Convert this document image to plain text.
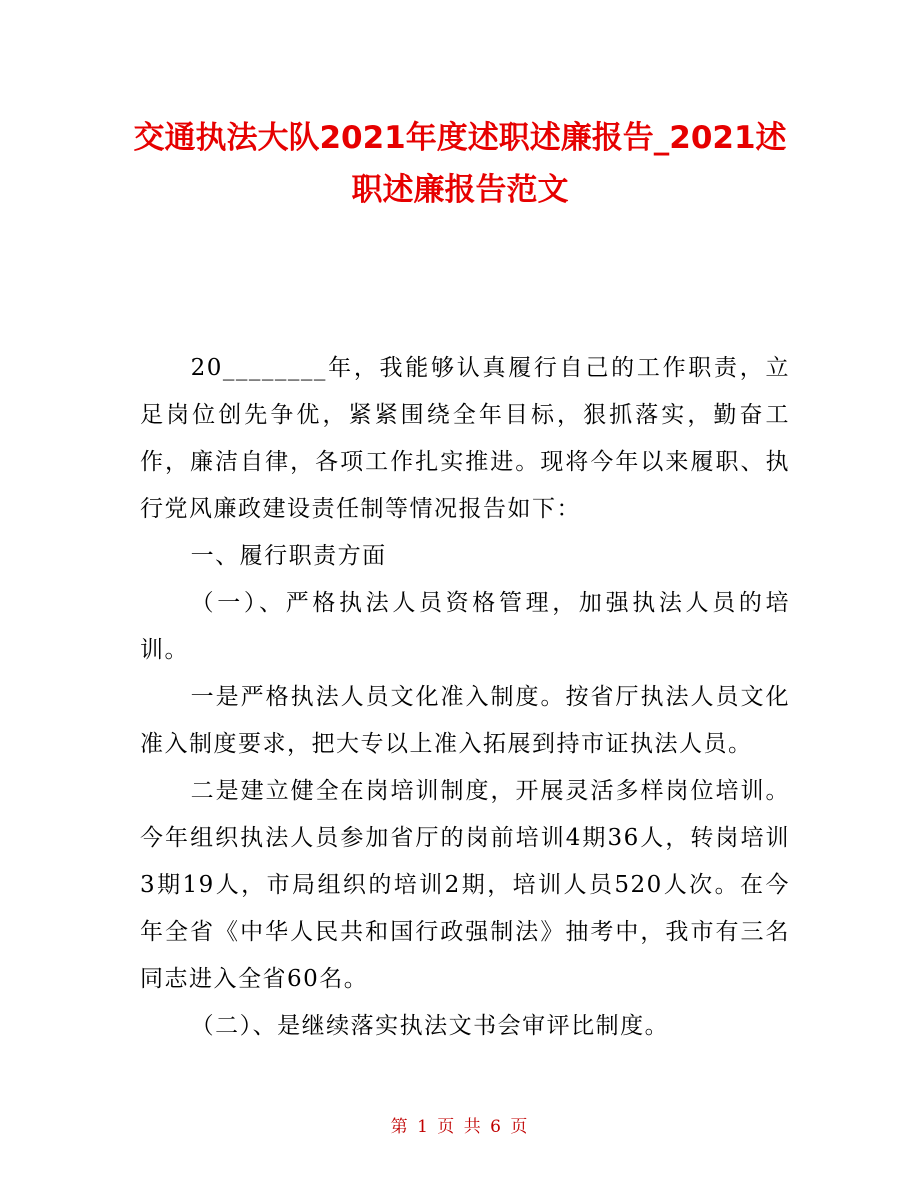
交通执法大队2021年度述职述廉报告_2021述职述廉报告范文

20________年，我能够认真履行自己的工作职责，立足岗位创先争优，紧紧围绕全年目标，狠抓落实，勤奋工作，廉洁自律，各项工作扎实推进。现将今年以来履职、执行党风廉政建设责任制等情况报告如下：

一、履行职责方面

（一）、严格执法人员资格管理，加强执法人员的培训。

一是严格执法人员文化准入制度。按省厅执法人员文化准入制度要求，把大专以上准入拓展到持市证执法人员。

二是建立健全在岗培训制度，开展灵活多样岗位培训。今年组织执法人员参加省厅的岗前培训4期36人，转岗培训3期19人，市局组织的培训2期，培训人员520人次。在今年全省《中华人民共和国行政强制法》抽考中，我市有三名同志进入全省60名。

（二）、是继续落实执法文书会审评比制度。

第 1 页 共 6 页
